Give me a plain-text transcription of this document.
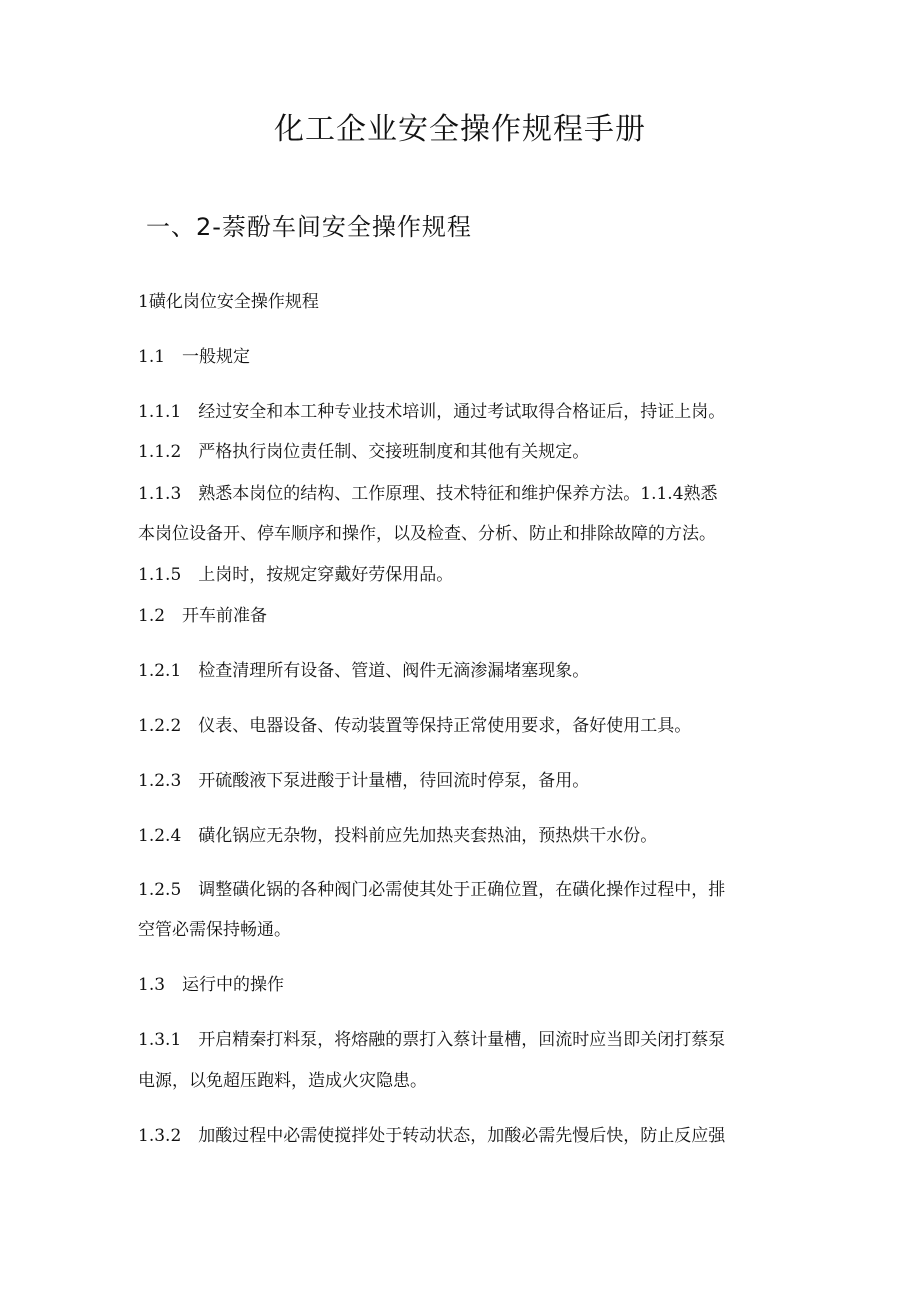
化工企业安全操作规程手册
一、2-萘酚车间安全操作规程

1磺化岗位安全操作规程

1.1　一般规定

1.1.1　经过安全和本工种专业技术培训，通过考试取得合格证后，持证上岗。

1.1.2　严格执行岗位责任制、交接班制度和其他有关规定。

1.1.3　熟悉本岗位的结构、工作原理、技术特征和维护保养方法。1.1.4熟悉

本岗位设备开、停车顺序和操作，以及检查、分析、防止和排除故障的方法。

1.1.5　上岗时，按规定穿戴好劳保用品。

1.2　开车前准备

1.2.1　检查清理所有设备、管道、阀件无滴渗漏堵塞现象。

1.2.2　仪表、电器设备、传动装置等保持正常使用要求，备好使用工具。

1.2.3　开硫酸液下泵进酸于计量槽，待回流时停泵，备用。

1.2.4　磺化锅应无杂物，投料前应先加热夹套热油，预热烘干水份。

1.2.5　调整磺化锅的各种阀门必需使其处于正确位置，在磺化操作过程中，排

空管必需保持畅通。

1.3　运行中的操作

1.3.1　开启精秦打料泵，将熔融的票打入蔡计量槽，回流时应当即关闭打蔡泵

电源，以免超压跑料，造成火灾隐患。

1.3.2　加酸过程中必需使搅拌处于转动状态，加酸必需先慢后快，防止反应强
